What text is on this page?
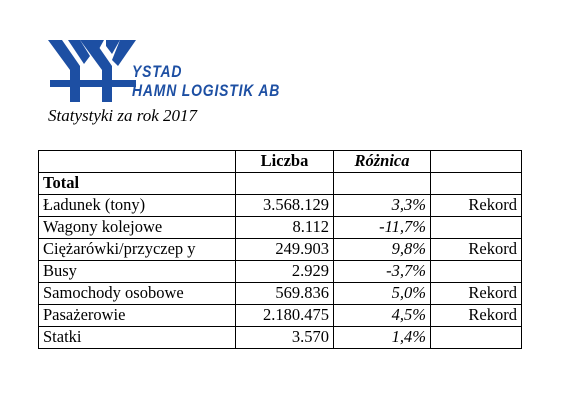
YSTAD
HAMN LOGISTIK AB
Statystyki za rok 2017
	Liczba	Różnica	
Total			
Ładunek (tony)	3.568.129	3,3%	Rekord
Wagony kolejowe	8.112	-11,7%	
Ciężarówki/przyczep y	249.903	9,8%	Rekord
Busy	2.929	-3,7%	
Samochody osobowe	569.836	5,0%	Rekord
Pasażerowie	2.180.475	4,5%	Rekord
Statki	3.570	1,4%	
